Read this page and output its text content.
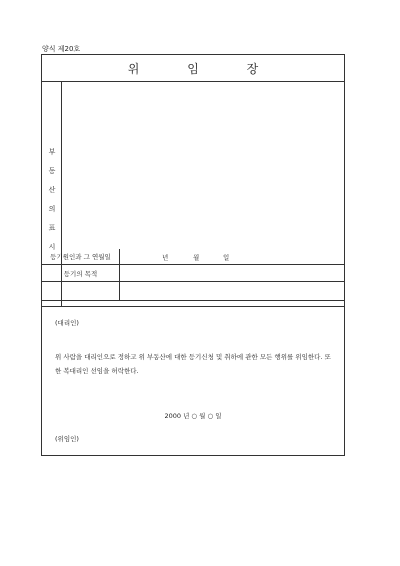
양식 제20호
위 임 장
부
동
산
의
표
시
등기원인과 그 연월일	년	월	일
등기의 목적
(대리인)
위 사람을 대리인으로 정하고 위 부동산에 대한 등기신청 및 취하에 관한 모든 행위를 위임한다. 또한 복대리인 선임을 허락한다.
2000 년 ○ 월 ○ 일
(위임인)
